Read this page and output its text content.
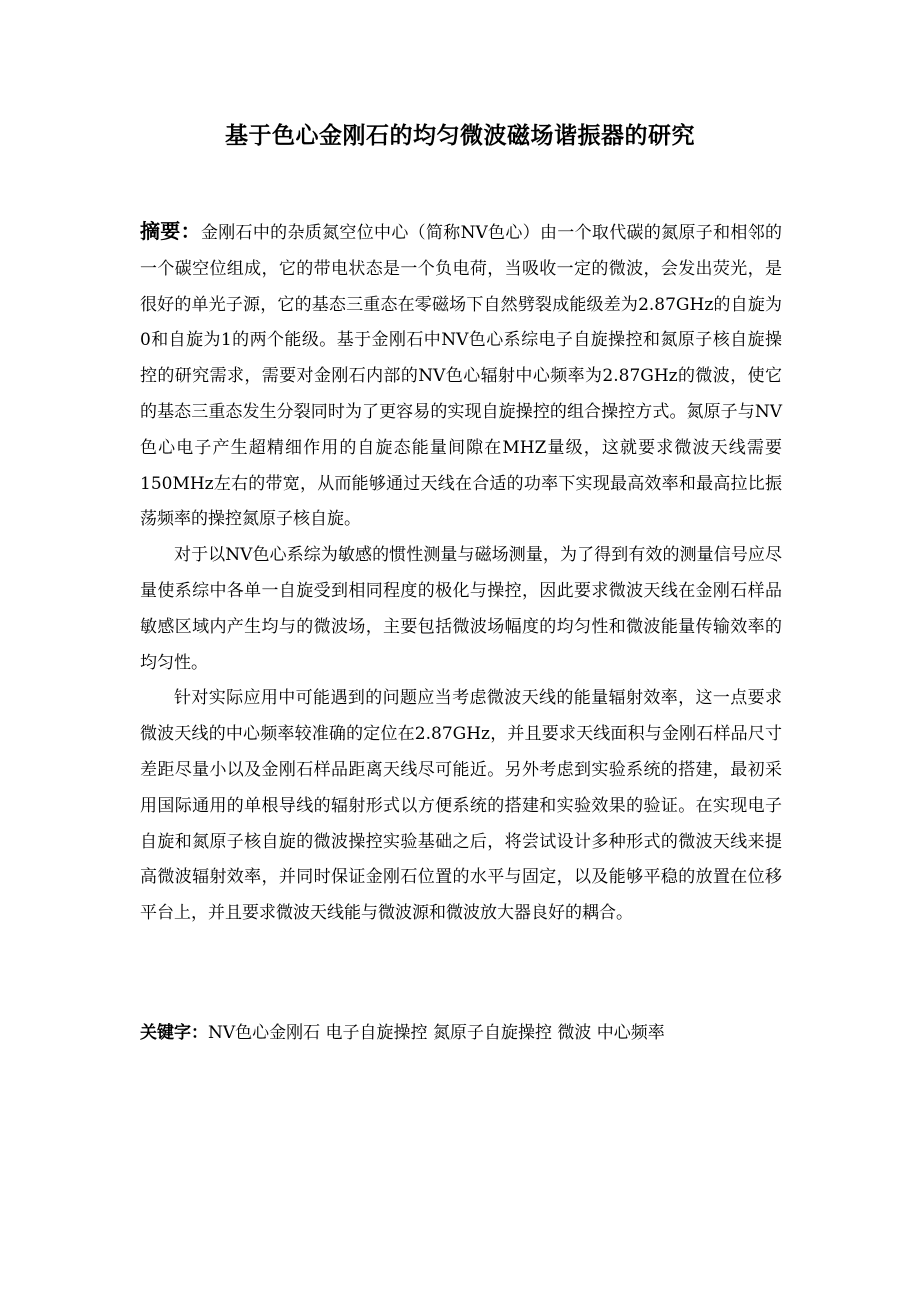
基于色心金刚石的均匀微波磁场谐振器的研究

摘要：金刚石中的杂质氮空位中心（简称NV色心）由一个取代碳的氮原子和相邻的一个碳空位组成，它的带电状态是一个负电荷，当吸收一定的微波，会发出荧光，是很好的单光子源，它的基态三重态在零磁场下自然劈裂成能级差为2.87GHz的自旋为0和自旋为1的两个能级。基于金刚石中NV色心系综电子自旋操控和氮原子核自旋操控的研究需求，需要对金刚石内部的NV色心辐射中心频率为2.87GHz的微波，使它的基态三重态发生分裂同时为了更容易的实现自旋操控的组合操控方式。氮原子与NV色心电子产生超精细作用的自旋态能量间隙在MHZ量级，这就要求微波天线需要150MHz左右的带宽，从而能够通过天线在合适的功率下实现最高效率和最高拉比振荡频率的操控氮原子核自旋。

对于以NV色心系综为敏感的惯性测量与磁场测量，为了得到有效的测量信号应尽量使系综中各单一自旋受到相同程度的极化与操控，因此要求微波天线在金刚石样品敏感区域内产生均与的微波场，主要包括微波场幅度的均匀性和微波能量传输效率的均匀性。

针对实际应用中可能遇到的问题应当考虑微波天线的能量辐射效率，这一点要求微波天线的中心频率较准确的定位在2.87GHz，并且要求天线面积与金刚石样品尺寸差距尽量小以及金刚石样品距离天线尽可能近。另外考虑到实验系统的搭建，最初采用国际通用的单根导线的辐射形式以方便系统的搭建和实验效果的验证。在实现电子自旋和氮原子核自旋的微波操控实验基础之后，将尝试设计多种形式的微波天线来提高微波辐射效率，并同时保证金刚石位置的水平与固定，以及能够平稳的放置在位移平台上，并且要求微波天线能与微波源和微波放大器良好的耦合。

关键字：NV色心金刚石 电子自旋操控 氮原子自旋操控 微波 中心频率
